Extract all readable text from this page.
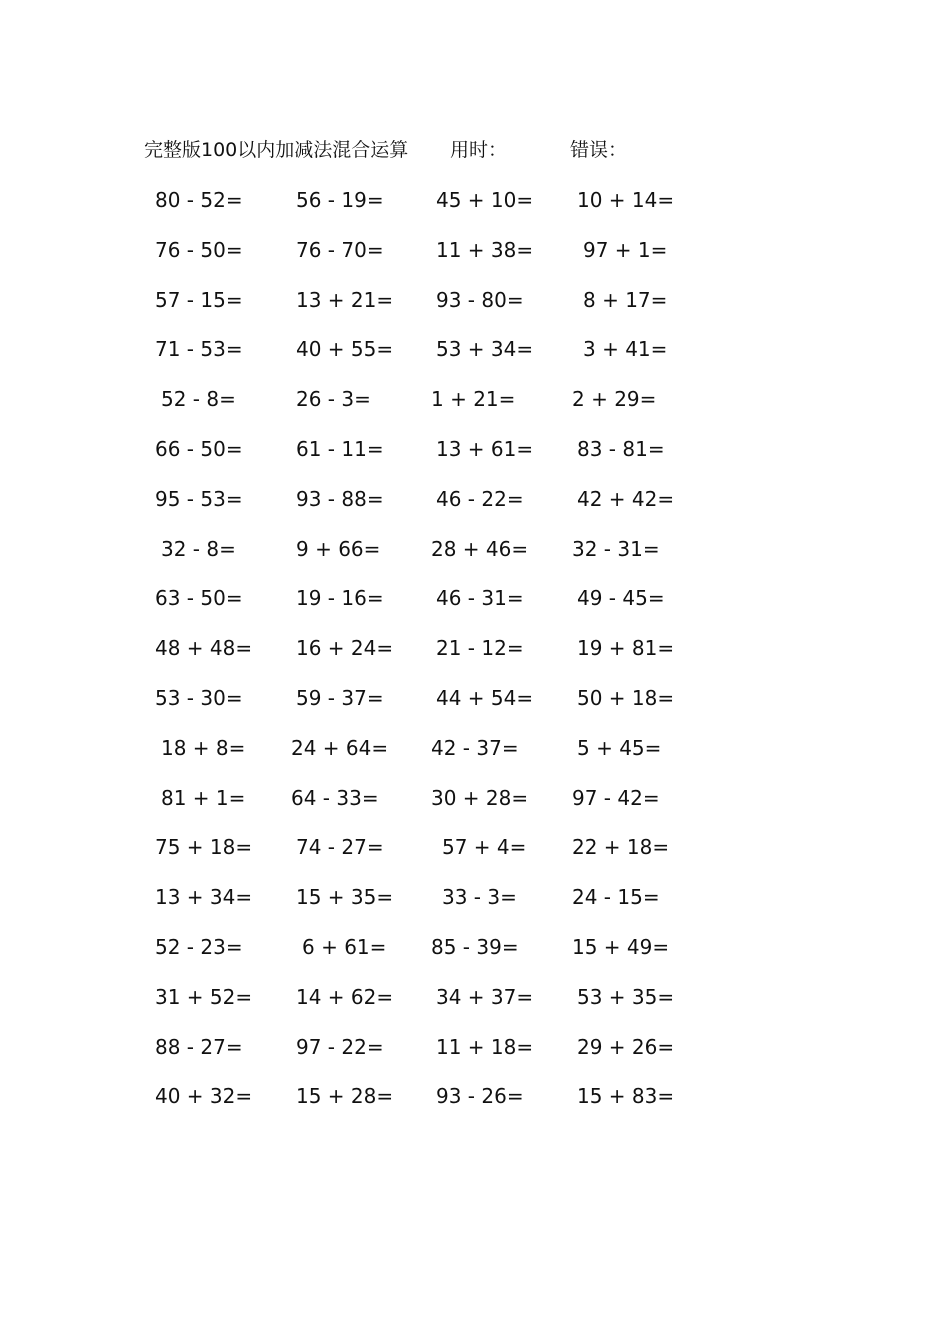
完整版100以内加减法混合运算 用时：	错误：
80 - 52=	56 - 19=	45 + 10= 10 + 14=
76 - 50=	76 - 70=	11 + 38= 97 + 1=
57 - 15=	13 + 21= 93 - 80=	8 + 17=
71 - 53=	40 + 55= 53 + 34= 3 + 41=
52 - 8=	26 - 3=	1 + 21=	2 + 29=
66 - 50=	61 - 11=	13 + 61= 83 - 81=
95 - 53=	93 - 88=	46 - 22=	42 + 42=
32 - 8=	9 + 66=	28 + 46= 32 - 31=
63 - 50=	19 - 16=	46 - 31=	49 - 45=
48 + 48= 16 + 24= 21 - 12=	19 + 81=
53 - 30=	59 - 37=	44 + 54= 50 + 18=
18 + 8= 24 + 64= 42 - 37=	5 + 45=
81 + 1= 64 - 33=	30 + 28= 97 - 42=
75 + 18= 74 - 27=	57 + 4= 22 + 18=
13 + 34= 15 + 35= 33 - 3=	24 - 15=
52 - 23=	6 + 61= 85 - 39=	15 + 49=
31 + 52= 14 + 62= 34 + 37= 53 + 35=
88 - 27=	97 - 22=	11 + 18= 29 + 26=
40 + 32= 15 + 28= 93 - 26=	15 + 83=
